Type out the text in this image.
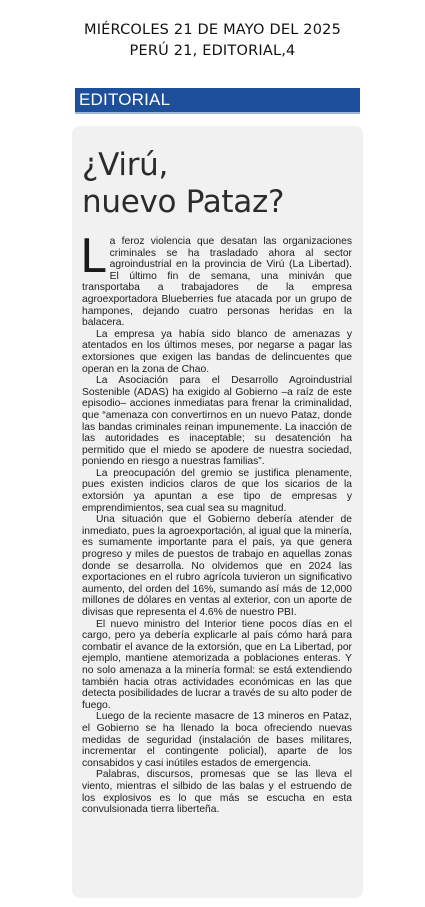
MIÉRCOLES 21 DE MAYO DEL 2025
PERÚ 21, EDITORIAL,4
EDITORIAL
¿Virú,
nuevo Pataz?

La feroz violencia que desatan las organizaciones criminales se ha trasladado ahora al sector agroindustrial en la provincia de Virú (La Libertad). El último fin de semana, una miniván que transportaba a trabajadores de la empresa agroexportadora Blueberries fue atacada por un grupo de hampones, dejando cuatro personas heridas en la balacera.

La empresa ya había sido blanco de amenazas y atentados en los últimos meses, por negarse a pagar las extorsiones que exigen las bandas de delincuentes que operan en la zona de Chao.

La Asociación para el Desarrollo Agroindustrial Sostenible (ADAS) ha exigido al Gobierno –a raíz de este episodio– acciones inmediatas para frenar la criminalidad, que “amenaza con convertirnos en un nuevo Pataz, donde las bandas criminales reinan impunemente. La inacción de las autoridades es inaceptable; su desatención ha permitido que el miedo se apodere de nuestra sociedad, poniendo en riesgo a nuestras familias”.

La preocupación del gremio se justifica plenamente, pues existen indicios claros de que los sicarios de la extorsión ya apuntan a ese tipo de empresas y emprendimientos, sea cual sea su magnitud.

Una situación que el Gobierno debería atender de inmediato, pues la agroexportación, al igual que la minería, es sumamente importante para el país, ya que genera progreso y miles de puestos de trabajo en aquellas zonas donde se desarrolla. No olvidemos que en 2024 las exportaciones en el rubro agrícola tuvieron un significativo aumento, del orden del 16%, sumando así más de 12,000 millones de dólares en ventas al exterior, con un aporte de divisas que representa el 4.6% de nuestro PBI.

El nuevo ministro del Interior tiene pocos días en el cargo, pero ya debería explicarle al país cómo hará para combatir el avance de la extorsión, que en La Libertad, por ejemplo, mantiene atemorizada a poblaciones enteras. Y no solo amenaza a la minería formal: se está extendiendo también hacia otras actividades económicas en las que detecta posibilidades de lucrar a través de su alto poder de fuego.

Luego de la reciente masacre de 13 mineros en Pataz, el Gobierno se ha llenado la boca ofreciendo nuevas medidas de seguridad (instalación de bases militares, incrementar el contingente policial), aparte de los consabidos y casi inútiles estados de emergencia.

Palabras, discursos, promesas que se las lleva el viento, mientras el silbido de las balas y el estruendo de los explosivos es lo que más se escucha en esta convulsionada tierra liberteña.
